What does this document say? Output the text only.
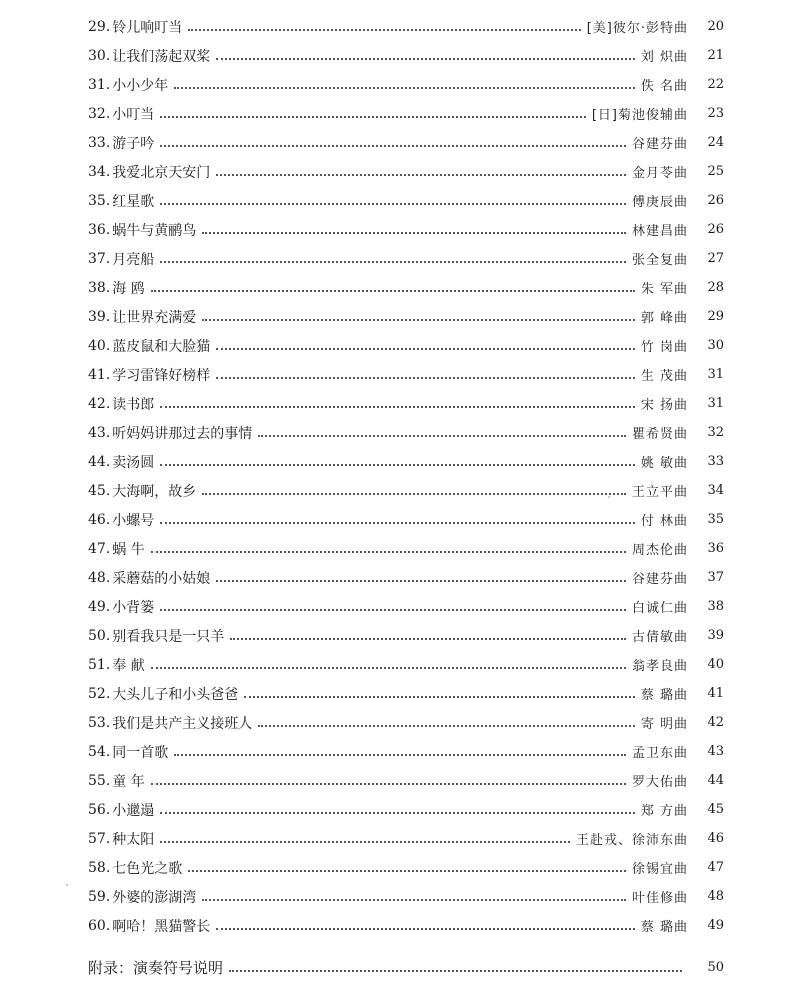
29. 铃儿响叮当	[美]彼尔·彭特曲	20
30. 让我们荡起双桨	刘 炽曲	21
31. 小小少年	佚 名曲	22
32. 小叮当	[日]菊池俊辅曲	23
33. 游子吟	谷建芬曲	24
34. 我爱北京天安门	金月苓曲	25
35. 红星歌	傅庚辰曲	26
36. 蜗牛与黄鹂鸟	林建昌曲	26
37. 月亮船	张全复曲	27
38. 海 鸥	朱 军曲	28
39. 让世界充满爱	郭 峰曲	29
40. 蓝皮鼠和大脸猫	竹 岗曲	30
41. 学习雷锋好榜样	生 茂曲	31
42. 读书郎	宋 扬曲	31
43. 听妈妈讲那过去的事情	瞿希贤曲	32
44. 卖汤圆	姚 敏曲	33
45. 大海啊，故乡	王立平曲	34
46. 小螺号	付 林曲	35
47. 蜗 牛	周杰伦曲	36
48. 采蘑菇的小姑娘	谷建芬曲	37
49. 小背篓	白诚仁曲	38
50. 别看我只是一只羊	古倩敏曲	39
51. 奉 献	翁孝良曲	40
52. 大头儿子和小头爸爸	蔡 璐曲	41
53. 我们是共产主义接班人	寄 明曲	42
54. 同一首歌	孟卫东曲	43
55. 童 年	罗大佑曲	44
56. 小邋遢	郑 方曲	45
57. 种太阳	王赴戎、徐沛东曲	46
58. 七色光之歌	徐锡宜曲	47
59. 外婆的澎湖湾	叶佳修曲	48
60. 啊哈！黑猫警长	蔡 璐曲	49
附录：演奏符号说明	50
